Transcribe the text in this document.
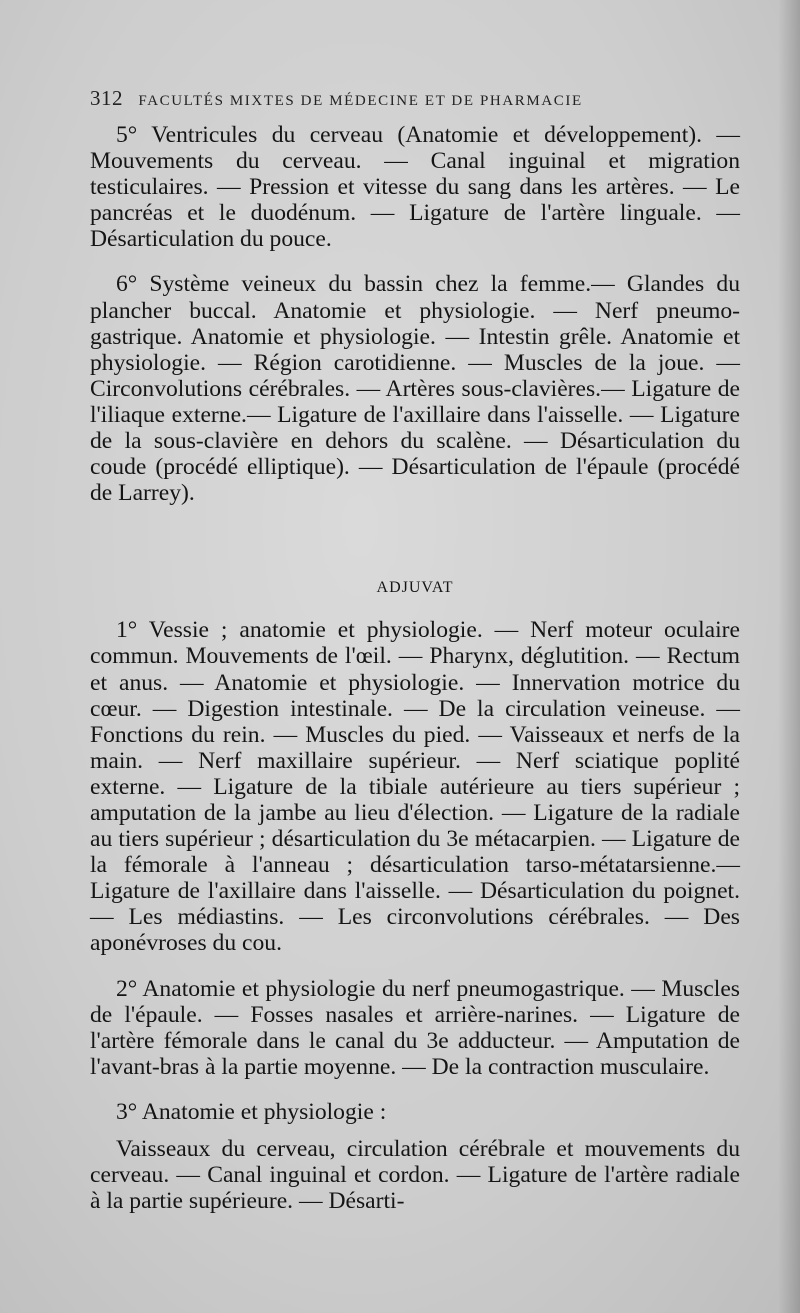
312 FACULTÉS MIXTES DE MÉDECINE ET DE PHARMACIE

5° Ventricules du cerveau (Anatomie et développement). —Mouvements du cerveau. — Canal inguinal et migration testiculaires. — Pression et vitesse du sang dans les artères. — Le pancréas et le duodénum. — Ligature de l'artère linguale. — Désarticulation du pouce.

6° Système veineux du bassin chez la femme.— Glandes du plancher buccal. Anatomie et physiologie. — Nerf pneumo-gastrique. Anatomie et physiologie. — Intestin grêle. Anatomie et physiologie. — Région carotidienne. — Muscles de la joue. — Circonvolutions cérébrales. — Artères sous-clavières.— Ligature de l'iliaque externe.— Ligature de l'axillaire dans l'aisselle. — Ligature de la sous-clavière en dehors du scalène. — Désarticulation du coude (procédé elliptique). — Désarticulation de l'épaule (procédé de Larrey).

ADJUVAT

1° Vessie ; anatomie et physiologie. — Nerf moteur oculaire commun. Mouvements de l'œil. — Pharynx, déglutition. — Rectum et anus. — Anatomie et physiologie. — Innervation motrice du cœur. — Digestion intestinale. — De la circulation veineuse. — Fonctions du rein. — Muscles du pied. — Vaisseaux et nerfs de la main. — Nerf maxillaire supérieur. — Nerf sciatique poplité externe. — Ligature de la tibiale autérieure au tiers supérieur ; amputation de la jambe au lieu d'élection. — Ligature de la radiale au tiers supérieur ; désarticulation du 3e métacarpien. — Ligature de la fémorale à l'anneau ; désarticulation tarso-métatarsienne.— Ligature de l'axillaire dans l'aisselle. — Désarticulation du poignet. — Les médiastins. — Les circonvolutions cérébrales. — Des aponévroses du cou.

2° Anatomie et physiologie du nerf pneumogastrique. — Muscles de l'épaule. — Fosses nasales et arrière-narines. — Ligature de l'artère fémorale dans le canal du 3e adducteur. — Amputation de l'avant-bras à la partie moyenne. — De la contraction musculaire.

3° Anatomie et physiologie :

Vaisseaux du cerveau, circulation cérébrale et mouvements du cerveau. — Canal inguinal et cordon. — Ligature de l'artère radiale à la partie supérieure. — Désarti-
